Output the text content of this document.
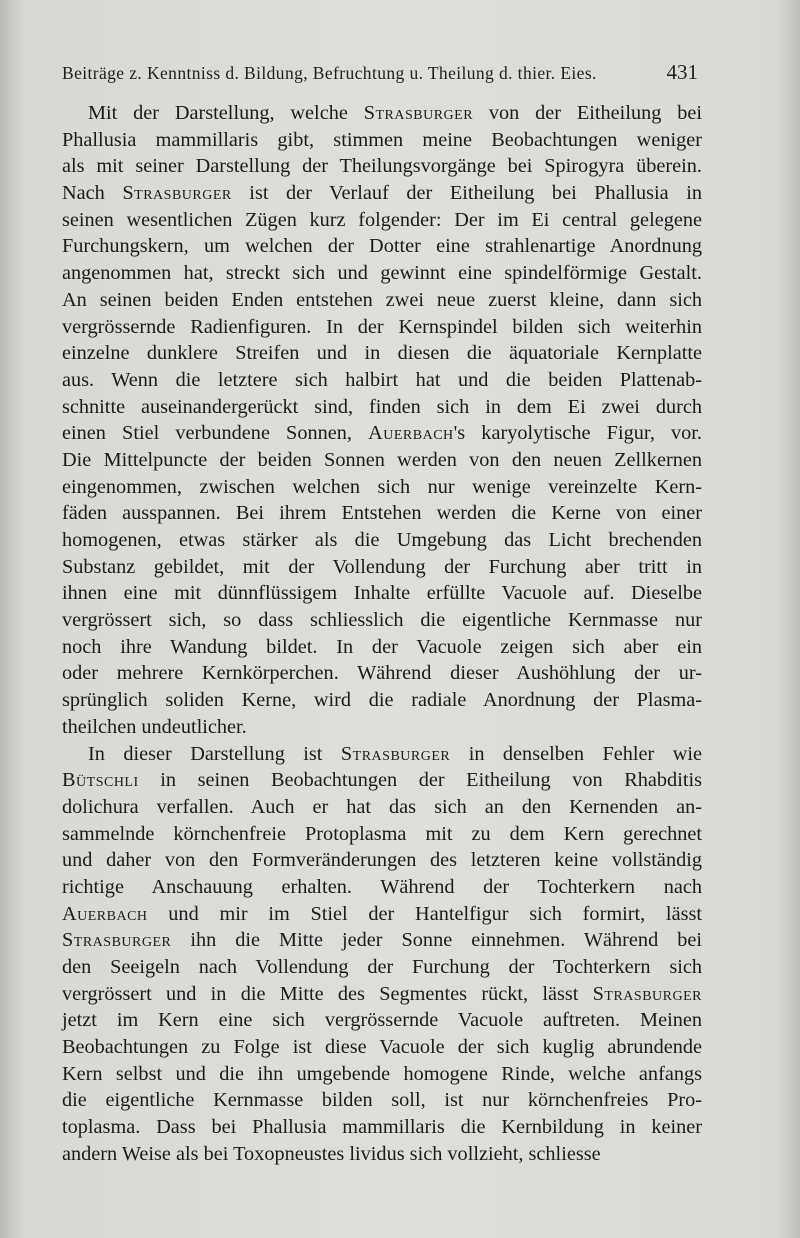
Beiträge z. Kenntniss d. Bildung, Befruchtung u. Theilung d. thier. Eies.	431
Mit der Darstellung, welche Strasburger von der Eitheilung bei
Phallusia mammillaris gibt, stimmen meine Beobachtungen weniger
als mit seiner Darstellung der Theilungsvorgänge bei Spirogyra überein.
Nach Strasburger ist der Verlauf der Eitheilung bei Phallusia in
seinen wesentlichen Zügen kurz folgender: Der im Ei central gelegene
Furchungskern, um welchen der Dotter eine strahlenartige Anordnung
angenommen hat, streckt sich und gewinnt eine spindelförmige Gestalt.
An seinen beiden Enden entstehen zwei neue zuerst kleine, dann sich
vergrössernde Radienfiguren. In der Kernspindel bilden sich weiterhin
einzelne dunklere Streifen und in diesen die äquatoriale Kernplatte
aus. Wenn die letztere sich halbirt hat und die beiden Plattenab-
schnitte auseinandergerückt sind, finden sich in dem Ei zwei durch
einen Stiel verbundene Sonnen, Auerbach's karyolytische Figur, vor.
Die Mittelpuncte der beiden Sonnen werden von den neuen Zellkernen
eingenommen, zwischen welchen sich nur wenige vereinzelte Kern-
fäden ausspannen. Bei ihrem Entstehen werden die Kerne von einer
homogenen, etwas stärker als die Umgebung das Licht brechenden
Substanz gebildet, mit der Vollendung der Furchung aber tritt in
ihnen eine mit dünnflüssigem Inhalte erfüllte Vacuole auf. Dieselbe
vergrössert sich, so dass schliesslich die eigentliche Kernmasse nur
noch ihre Wandung bildet. In der Vacuole zeigen sich aber ein
oder mehrere Kernkörperchen. Während dieser Aushöhlung der ur-
sprünglich soliden Kerne, wird die radiale Anordnung der Plasma-
theilchen undeutlicher.
In dieser Darstellung ist Strasburger in denselben Fehler wie
Bütschli in seinen Beobachtungen der Eitheilung von Rhabditis
dolichura verfallen. Auch er hat das sich an den Kernenden an-
sammelnde körnchenfreie Protoplasma mit zu dem Kern gerechnet
und daher von den Formveränderungen des letzteren keine vollständig
richtige Anschauung erhalten. Während der Tochterkern nach
Auerbach und mir im Stiel der Hantelfigur sich formirt, lässt
Strasburger ihn die Mitte jeder Sonne einnehmen. Während bei
den Seeigeln nach Vollendung der Furchung der Tochterkern sich
vergrössert und in die Mitte des Segmentes rückt, lässt Strasburger
jetzt im Kern eine sich vergrössernde Vacuole auftreten. Meinen
Beobachtungen zu Folge ist diese Vacuole der sich kuglig abrundende
Kern selbst und die ihn umgebende homogene Rinde, welche anfangs
die eigentliche Kernmasse bilden soll, ist nur körnchenfreies Pro-
toplasma. Dass bei Phallusia mammillaris die Kernbildung in keiner
andern Weise als bei Toxopneustes lividus sich vollzieht, schliesse
